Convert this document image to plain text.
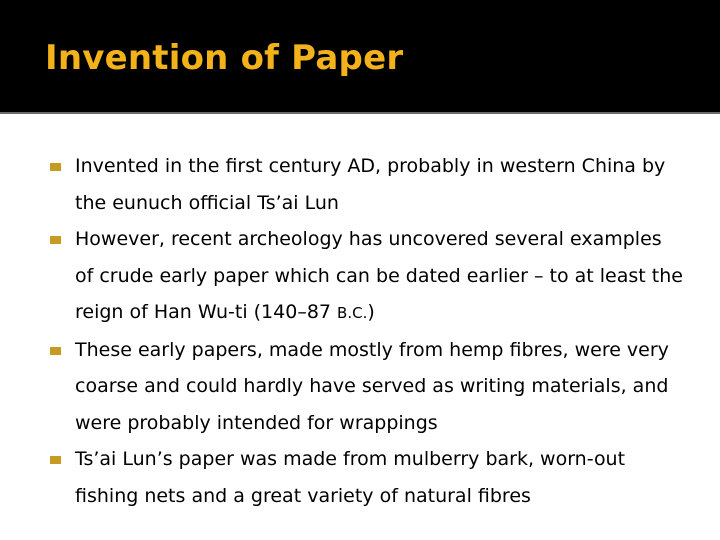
Invention of Paper
Invented in the first century AD, probably in western China by the eunuch official Ts’ai Lun
However, recent archeology has uncovered several examples of crude early paper which can be dated earlier – to at least the reign of Han Wu-ti (140–87 B.C.)
These early papers, made mostly from hemp fibres, were very coarse and could hardly have served as writing materials, and were probably intended for wrappings
Ts’ai Lun’s paper was made from mulberry bark, worn-out fishing nets and a great variety of natural fibres
